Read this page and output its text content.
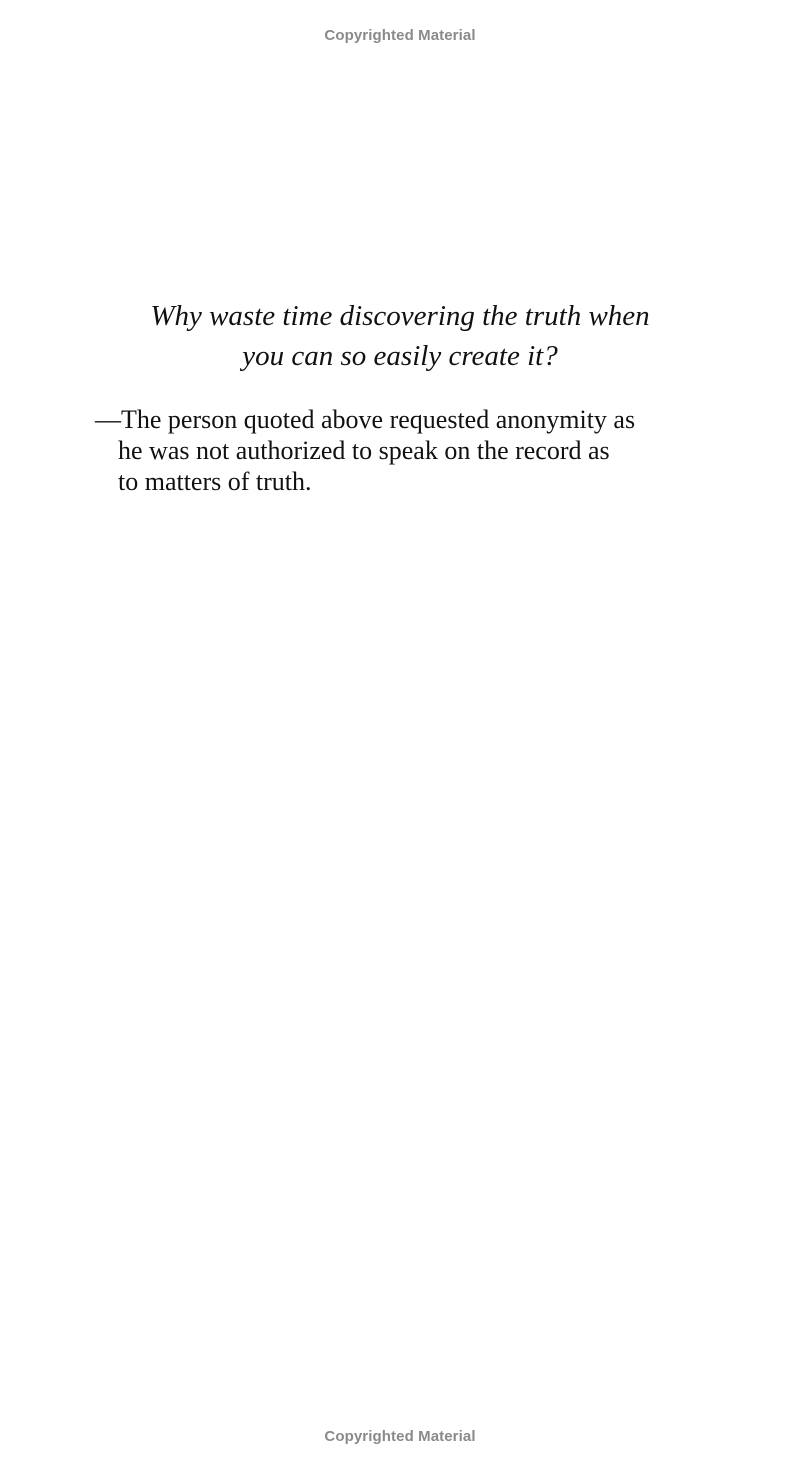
Copyrighted Material
Why waste time discovering the truth when
you can so easily create it?
—The person quoted above requested anonymity as
he was not authorized to speak on the record as
to matters of truth.
Copyrighted Material
